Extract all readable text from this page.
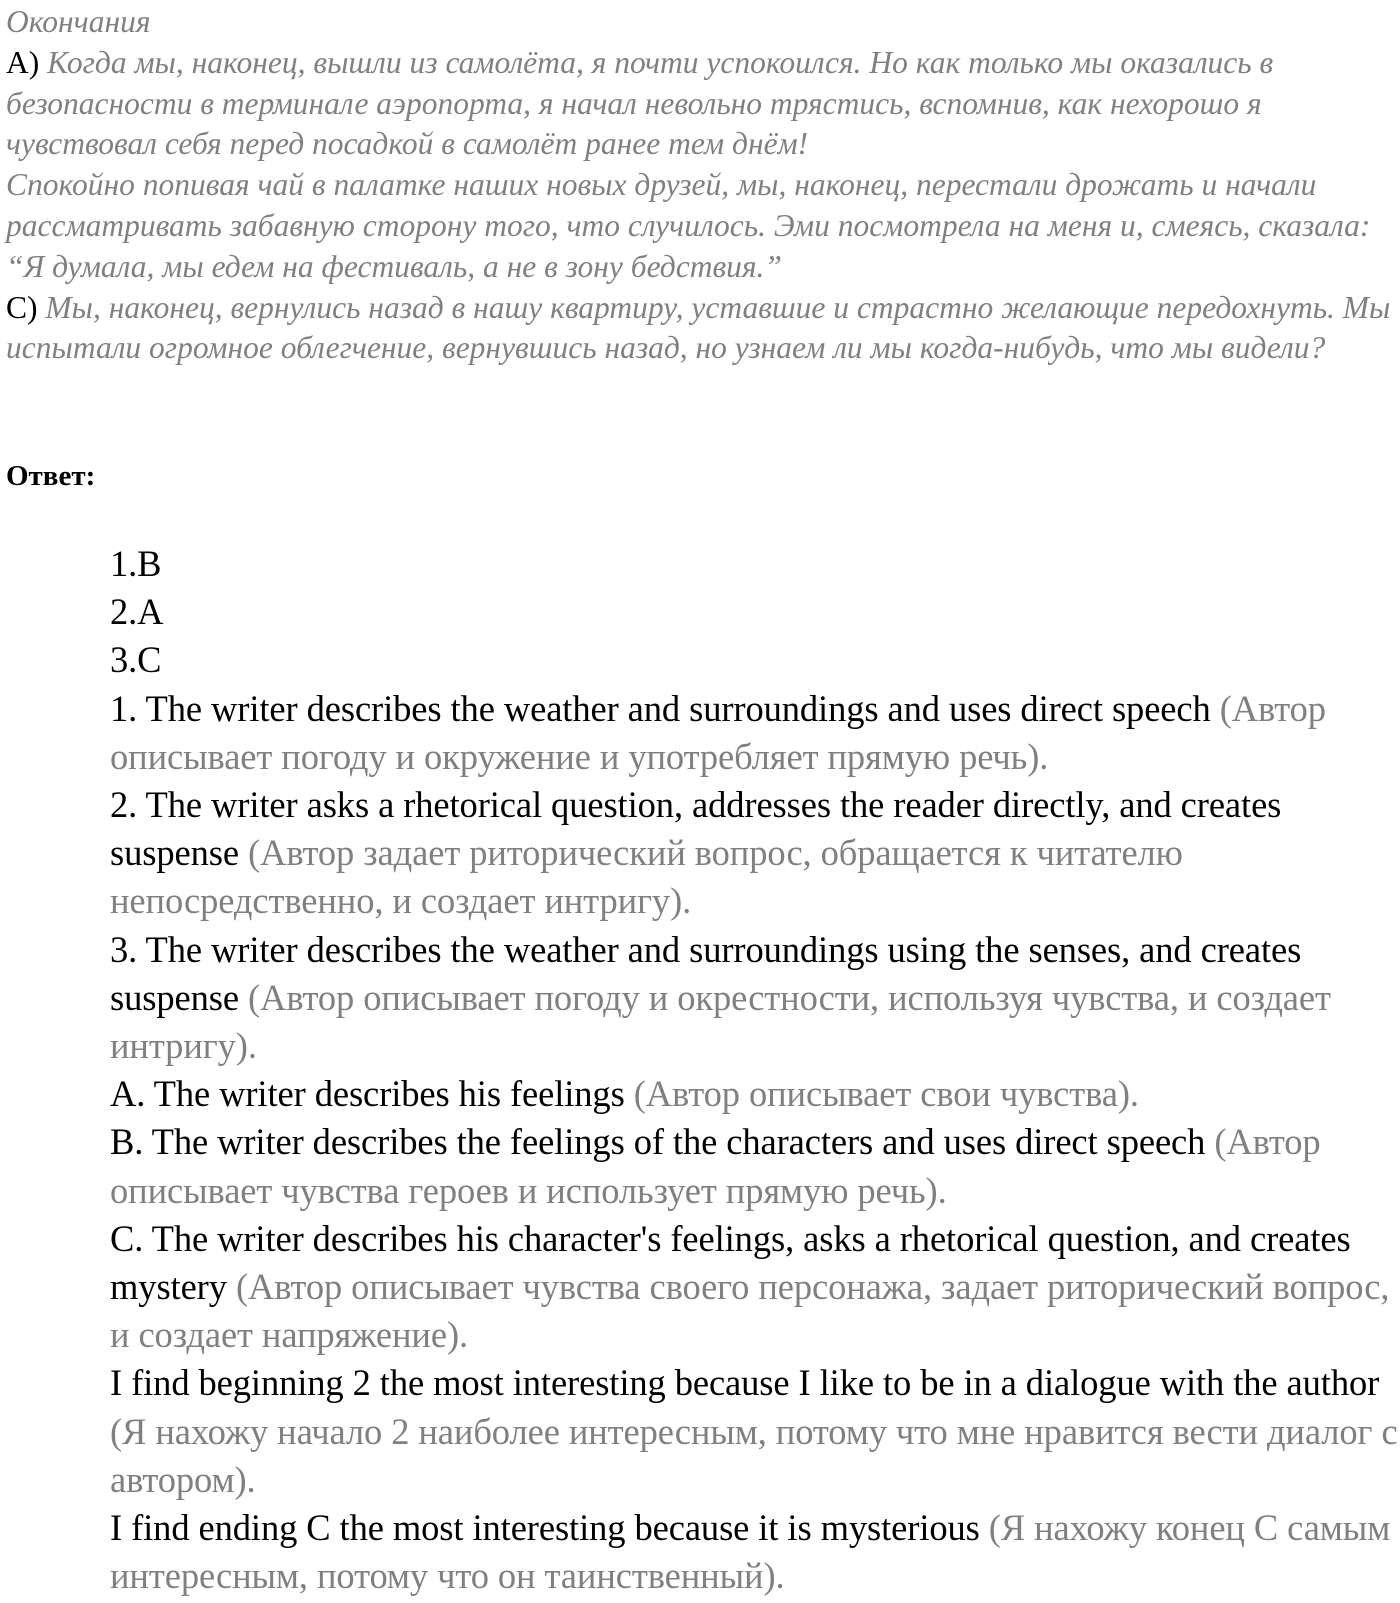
Окончания

A) Когда мы, наконец, вышли из самолёта, я почти успокоился. Но как только мы оказались в безопасности в терминале аэропорта, я начал невольно трястись, вспомнив, как нехорошо я чувствовал себя перед посадкой в самолёт ранее тем днём!

Спокойно попивая чай в палатке наших новых друзей, мы, наконец, перестали дрожать и начали рассматривать забавную сторону того, что случилось. Эми посмотрела на меня и, смеясь, сказала: “Я думала, мы едем на фестиваль, а не в зону бедствия.”

C) Мы, наконец, вернулись назад в нашу квартиру, уставшие и страстно желающие передохнуть. Мы испытали огромное облегчение, вернувшись назад, но узнаем ли мы когда-нибудь, что мы видели?

Ответ:

1.B

2.A

3.C

1. The writer describes the weather and surroundings and uses direct speech (Автор описывает погоду и окружение и употребляет прямую речь).

2. The writer asks a rhetorical question, addresses the reader directly, and creates suspense (Автор задает риторический вопрос, обращается к читателю непосредственно, и создает интригу).

3. The writer describes the weather and surroundings using the senses, and creates suspense (Автор описывает погоду и окрестности, используя чувства, и создает интригу).

A. The writer describes his feelings (Автор описывает свои чувства).

B. The writer describes the feelings of the characters and uses direct speech (Автор описывает чувства героев и использует прямую речь).

C. The writer describes his character's feelings, asks a rhetorical question, and creates mystery (Автор описывает чувства своего персонажа, задает риторический вопрос, и создает напряжение).

I find beginning 2 the most interesting because I like to be in a dialogue with the author (Я нахожу начало 2 наиболее интересным, потому что мне нравится вести диалог с автором).

I find ending C the most interesting because it is mysterious (Я нахожу конец C самым интересным, потому что он таинственный).
